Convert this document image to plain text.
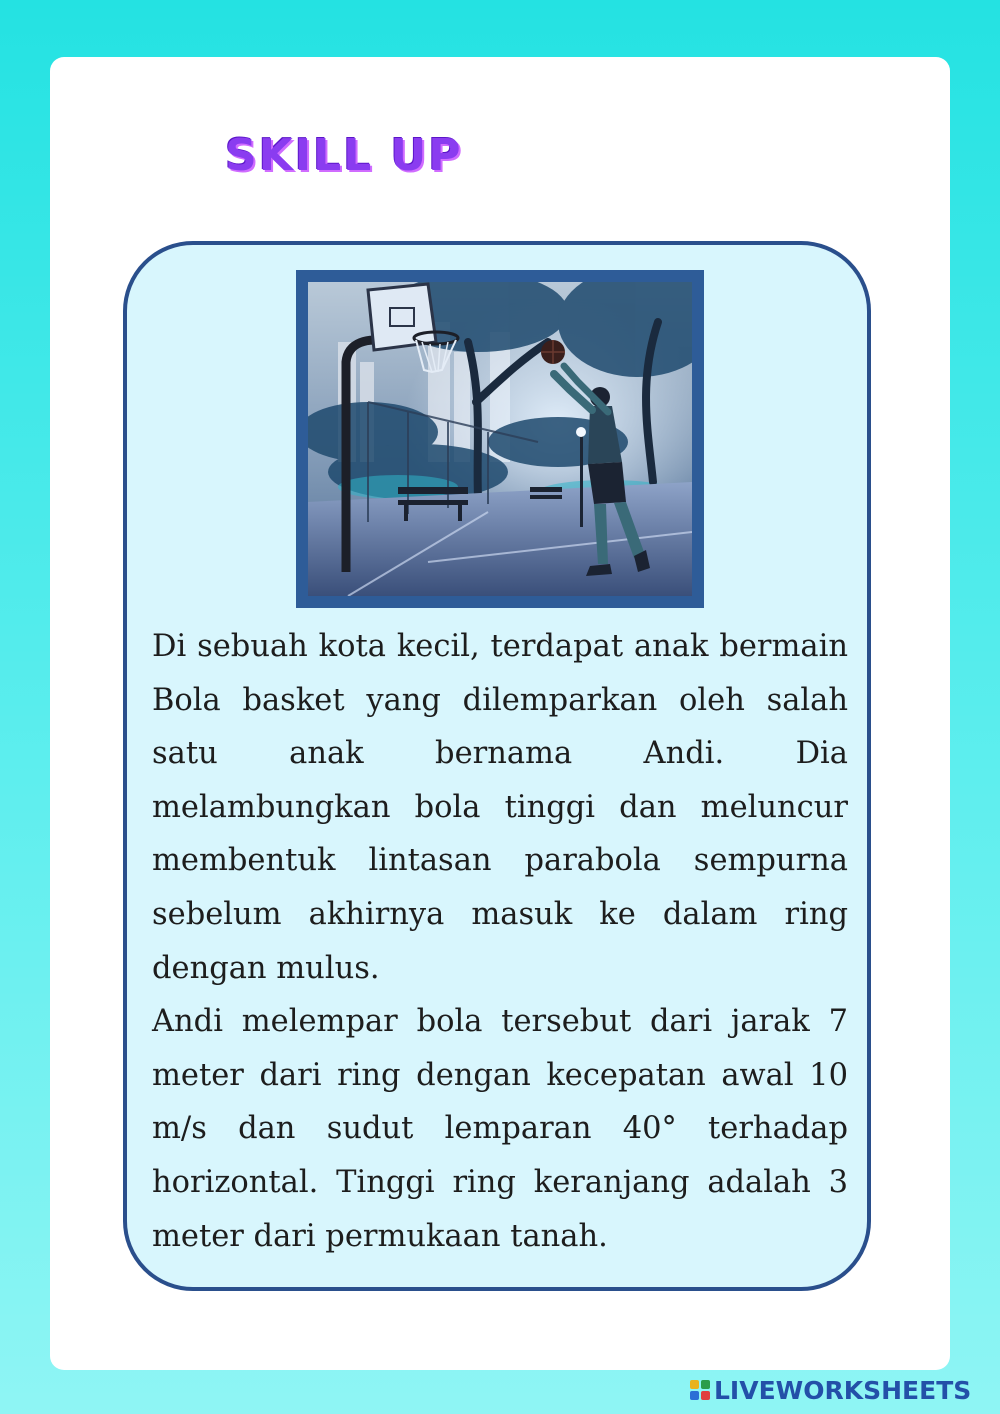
SKILL UP

Di sebuah kota kecil, terdapat anak bermain Bola basket yang dilemparkan oleh salah satu anak bernama Andi. Dia melambungkan bola tinggi dan meluncur membentuk lintasan parabola sempurna sebelum akhirnya masuk ke dalam ring dengan mulus.

Andi melempar bola tersebut dari jarak 7 meter dari ring dengan kecepatan awal 10 m/s dan sudut lemparan 40° terhadap horizontal. Tinggi ring keranjang adalah 3 meter dari permukaan tanah.

LIVEWORKSHEETS
